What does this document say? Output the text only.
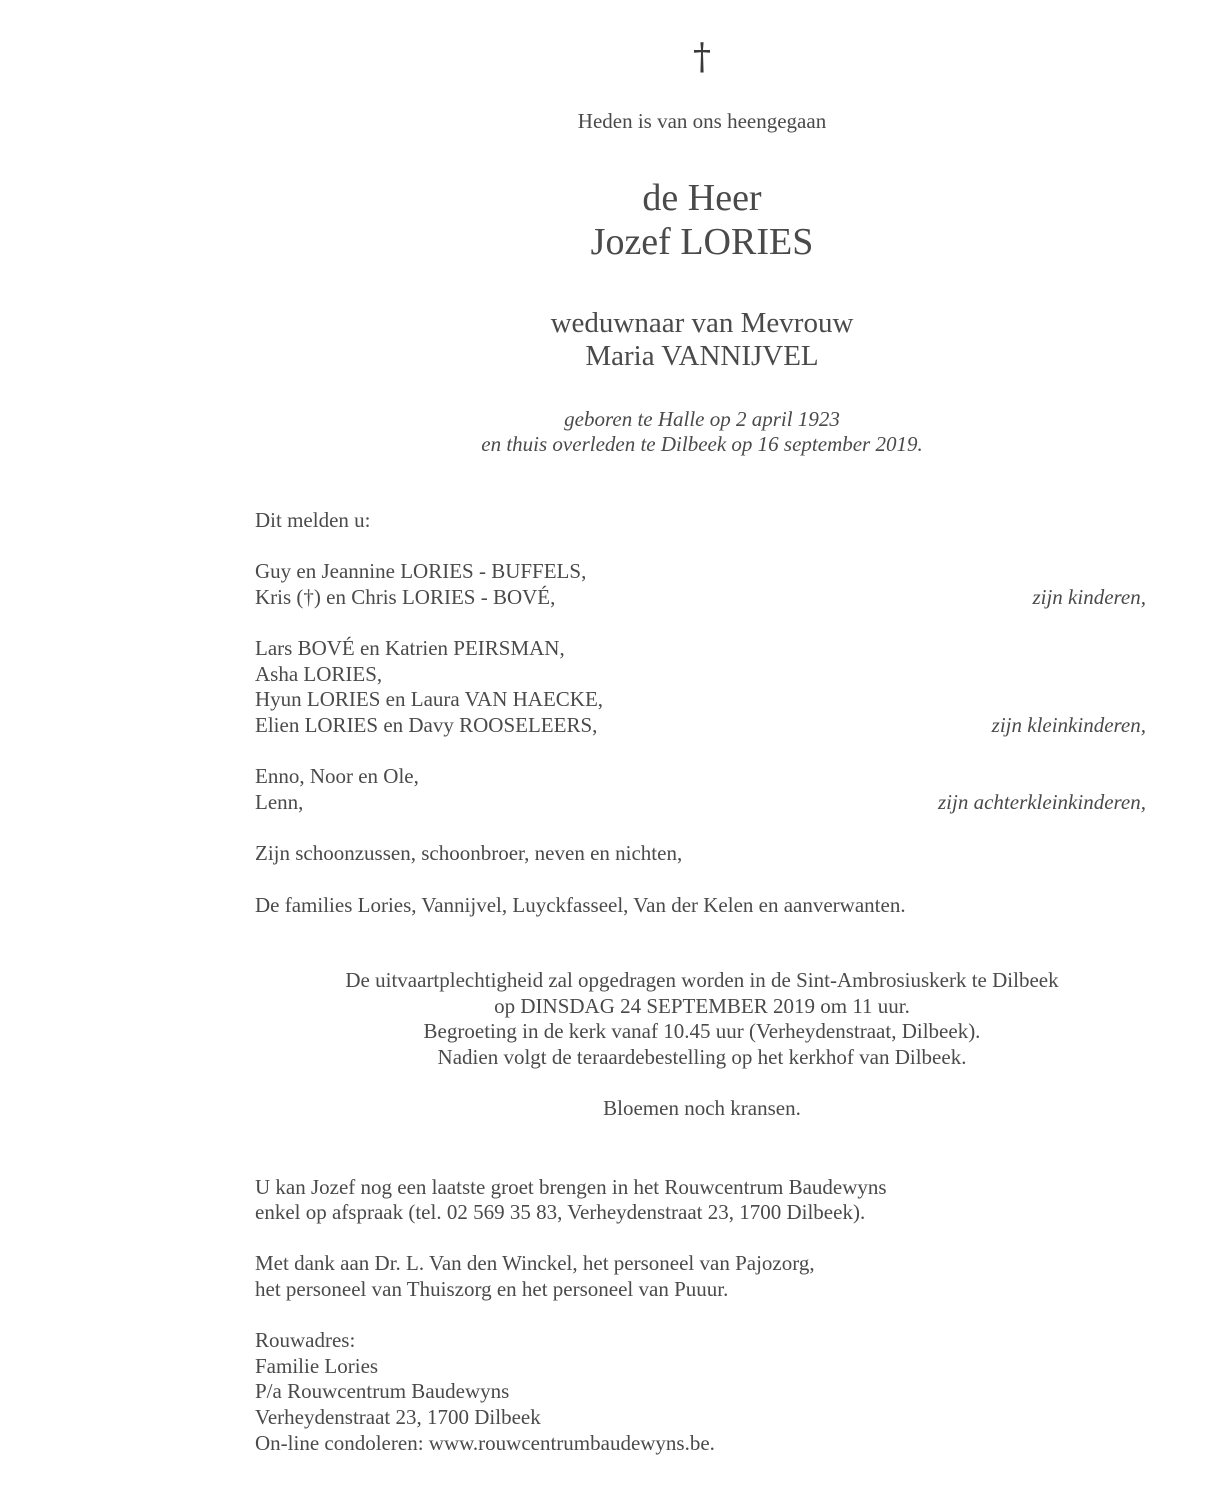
†
Heden is van ons heengegaan
de Heer
Jozef LORIES
weduwnaar van Mevrouw
Maria VANNIJVEL
geboren te Halle op 2 april 1923
en thuis overleden te Dilbeek op 16 september 2019.
Dit melden u:
Guy en Jeannine LORIES - BUFFELS,
Kris (†) en Chris LORIES - BOVÉ,	zijn kinderen,
Lars BOVÉ en Katrien PEIRSMAN,
Asha LORIES,
Hyun LORIES en Laura VAN HAECKE,
Elien LORIES en Davy ROOSELEERS,	zijn kleinkinderen,
Enno, Noor en Ole,
Lenn,	zijn achterkleinkinderen,
Zijn schoonzussen, schoonbroer, neven en nichten,
De families Lories, Vannijvel, Luyckfasseel, Van der Kelen en aanverwanten.
De uitvaartplechtigheid zal opgedragen worden in de Sint-Ambrosiuskerk te Dilbeek
op DINSDAG 24 SEPTEMBER 2019 om 11 uur.
Begroeting in de kerk vanaf 10.45 uur (Verheydenstraat, Dilbeek).
Nadien volgt de teraardebestelling op het kerkhof van Dilbeek.
Bloemen noch kransen.
U kan Jozef nog een laatste groet brengen in het Rouwcentrum Baudewyns
enkel op afspraak (tel. 02 569 35 83, Verheydenstraat 23, 1700 Dilbeek).
Met dank aan Dr. L. Van den Winckel, het personeel van Pajozorg,
het personeel van Thuiszorg en het personeel van Puuur.
Rouwadres:
Familie Lories
P/a Rouwcentrum Baudewyns
Verheydenstraat 23, 1700 Dilbeek
On-line condoleren: www.rouwcentrumbaudewyns.be.
